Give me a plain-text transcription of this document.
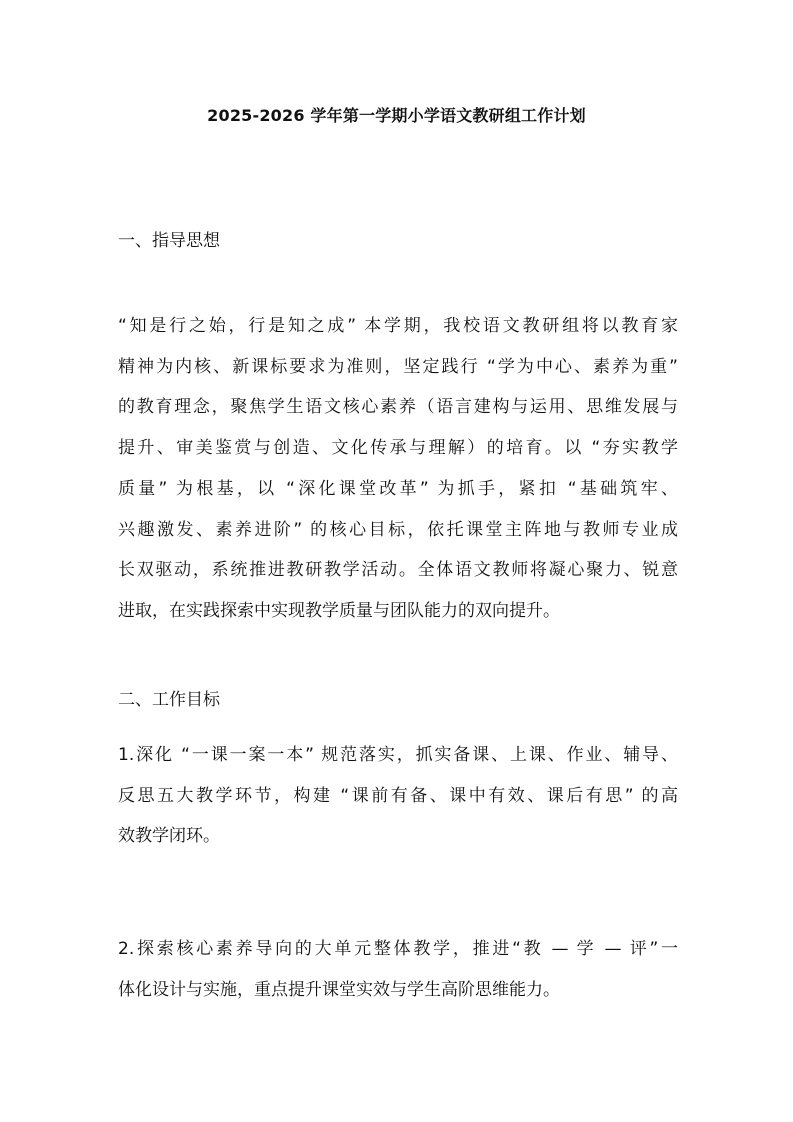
2025-2026 学年第一学期小学语文教研组工作计划
一、指导思想
“知是行之始，行是知之成” 本学期，我校语文教研组将以教育家
精神为内核、新课标要求为准则，坚定践行 “学为中心、素养为重”
的教育理念，聚焦学生语文核心素养（语言建构与运用、思维发展与
提升、审美鉴赏与创造、文化传承与理解）的培育。以 “夯实教学
质量” 为根基，以 “深化课堂改革” 为抓手，紧扣 “基础筑牢、
兴趣激发、素养进阶” 的核心目标，依托课堂主阵地与教师专业成
长双驱动，系统推进教研教学活动。全体语文教师将凝心聚力、锐意
进取，在实践探索中实现教学质量与团队能力的双向提升。
二、工作目标
1.深化 “一课一案一本” 规范落实，抓实备课、上课、作业、辅导、
反思五大教学环节，构建 “课前有备、课中有效、课后有思” 的高
效教学闭环。
2.探索核心素养导向的大单元整体教学，推进“教 — 学 — 评”一
体化设计与实施，重点提升课堂实效与学生高阶思维能力。
